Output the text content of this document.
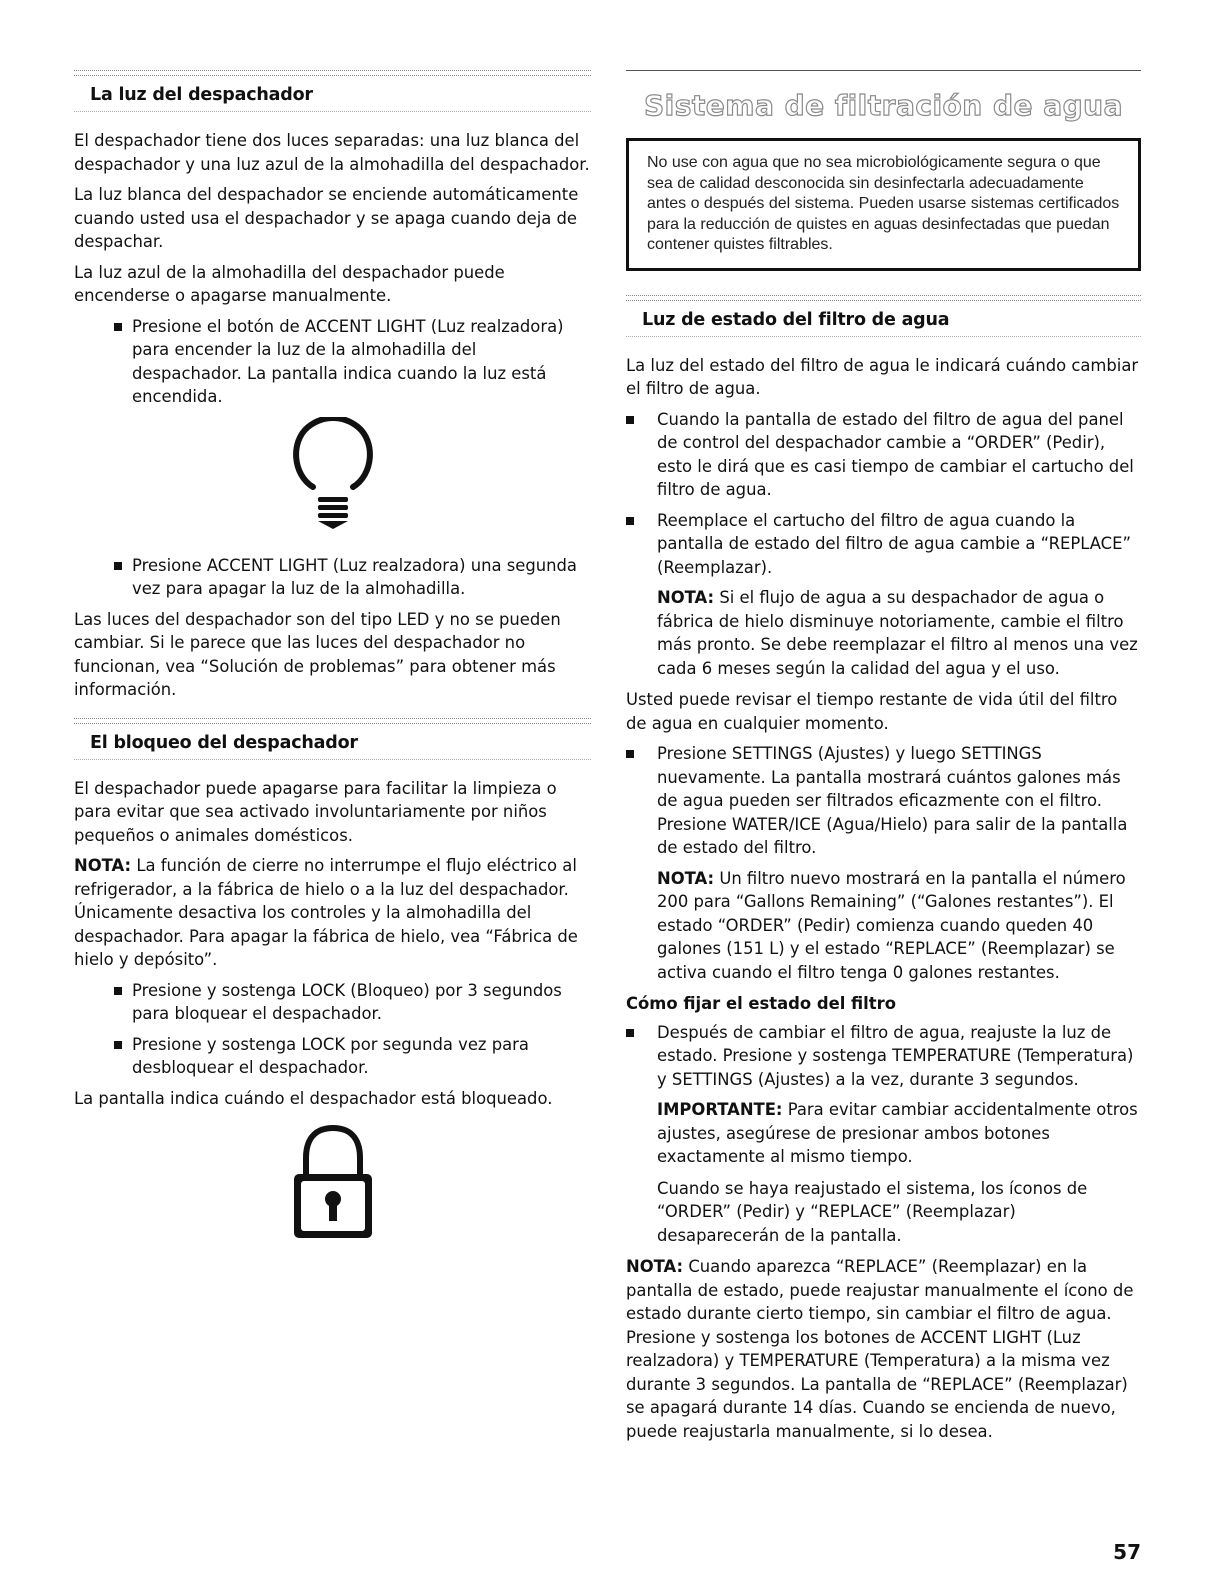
La luz del despachador

El despachador tiene dos luces separadas: una luz blanca del despachador y una luz azul de la almohadilla del despachador.

La luz blanca del despachador se enciende automáticamente cuando usted usa el despachador y se apaga cuando deja de despachar.

La luz azul de la almohadilla del despachador puede encenderse o apagarse manualmente.

Presione el botón de ACCENT LIGHT (Luz realzadora) para encender la luz de la almohadilla del despachador. La pantalla indica cuando la luz está encendida.

Presione ACCENT LIGHT (Luz realzadora) una segunda vez para apagar la luz de la almohadilla.

Las luces del despachador son del tipo LED y no se pueden cambiar. Si le parece que las luces del despachador no funcionan, vea “Solución de problemas” para obtener más información.

El bloqueo del despachador

El despachador puede apagarse para facilitar la limpieza o para evitar que sea activado involuntariamente por niños pequeños o animales domésticos.

NOTA: La función de cierre no interrumpe el flujo eléctrico al refrigerador, a la fábrica de hielo o a la luz del despachador. Únicamente desactiva los controles y la almohadilla del despachador. Para apagar la fábrica de hielo, vea “Fábrica de hielo y depósito”.

Presione y sostenga LOCK (Bloqueo) por 3 segundos para bloquear el despachador.

Presione y sostenga LOCK por segunda vez para desbloquear el despachador.

La pantalla indica cuándo el despachador está bloqueado.

Sistema de filtración de agua

No use con agua que no sea microbiológicamente segura o que sea de calidad desconocida sin desinfectarla adecuadamente antes o después del sistema. Pueden usarse sistemas certificados para la reducción de quistes en aguas desinfectadas que puedan contener quistes filtrables.

Luz de estado del filtro de agua

La luz del estado del filtro de agua le indicará cuándo cambiar el filtro de agua.

Cuando la pantalla de estado del filtro de agua del panel de control del despachador cambie a “ORDER” (Pedir), esto le dirá que es casi tiempo de cambiar el cartucho del filtro de agua.

Reemplace el cartucho del filtro de agua cuando la pantalla de estado del filtro de agua cambie a “REPLACE” (Reemplazar).

NOTA: Si el flujo de agua a su despachador de agua o fábrica de hielo disminuye notoriamente, cambie el filtro más pronto. Se debe reemplazar el filtro al menos una vez cada 6 meses según la calidad del agua y el uso.

Usted puede revisar el tiempo restante de vida útil del filtro de agua en cualquier momento.

Presione SETTINGS (Ajustes) y luego SETTINGS nuevamente. La pantalla mostrará cuántos galones más de agua pueden ser filtrados eficazmente con el filtro. Presione WATER/ICE (Agua/Hielo) para salir de la pantalla de estado del filtro.

NOTA: Un filtro nuevo mostrará en la pantalla el número 200 para “Gallons Remaining” (“Galones restantes”). El estado “ORDER” (Pedir) comienza cuando queden 40 galones (151 L) y el estado “REPLACE” (Reemplazar) se activa cuando el filtro tenga 0 galones restantes.

Cómo fijar el estado del filtro

Después de cambiar el filtro de agua, reajuste la luz de estado. Presione y sostenga TEMPERATURE (Temperatura) y SETTINGS (Ajustes) a la vez, durante 3 segundos.

IMPORTANTE: Para evitar cambiar accidentalmente otros ajustes, asegúrese de presionar ambos botones exactamente al mismo tiempo.

Cuando se haya reajustado el sistema, los íconos de “ORDER” (Pedir) y “REPLACE” (Reemplazar) desaparecerán de la pantalla.

NOTA: Cuando aparezca “REPLACE” (Reemplazar) en la pantalla de estado, puede reajustar manualmente el ícono de estado durante cierto tiempo, sin cambiar el filtro de agua. Presione y sostenga los botones de ACCENT LIGHT (Luz realzadora) y TEMPERATURE (Temperatura) a la misma vez durante 3 segundos. La pantalla de “REPLACE” (Reemplazar) se apagará durante 14 días. Cuando se encienda de nuevo, puede reajustarla manualmente, si lo desea.

57
